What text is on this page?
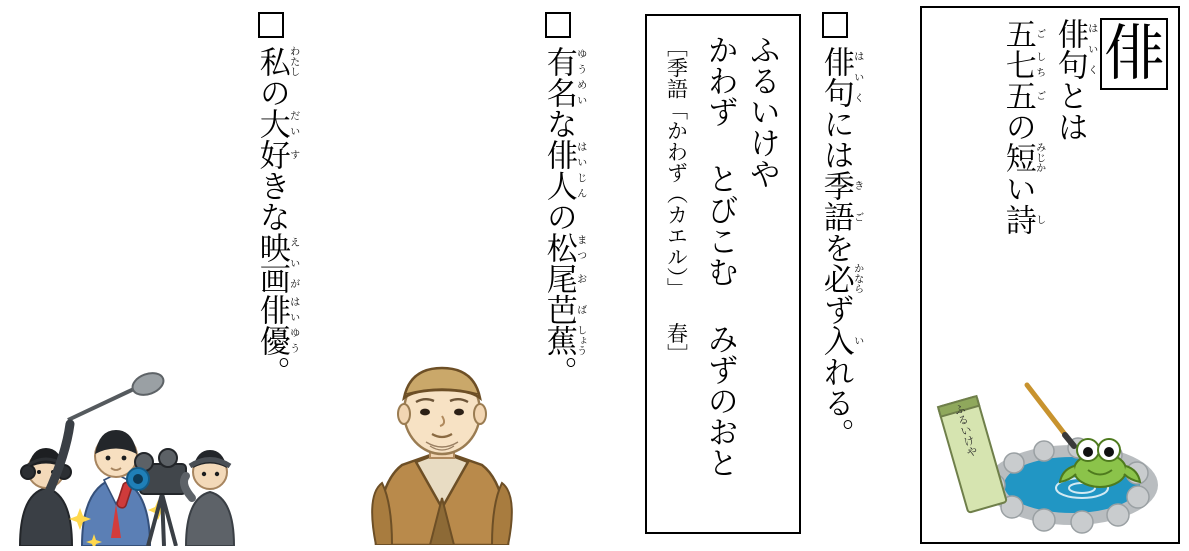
俳
俳句はいくとは
五ご七しち五ごの短みじかい詩し
ふるいけや
俳句はいくには季語きごを必かならず入いれる。
ふるいけや
かわず とびこむ みずのおと
［季語「かわず（カエル）」 春］
有名ゆうめいな俳人はいじんの松まつ尾お芭ば蕉しょう。
私わたしの大だい好すきな映画えいが俳優はいゆう。
